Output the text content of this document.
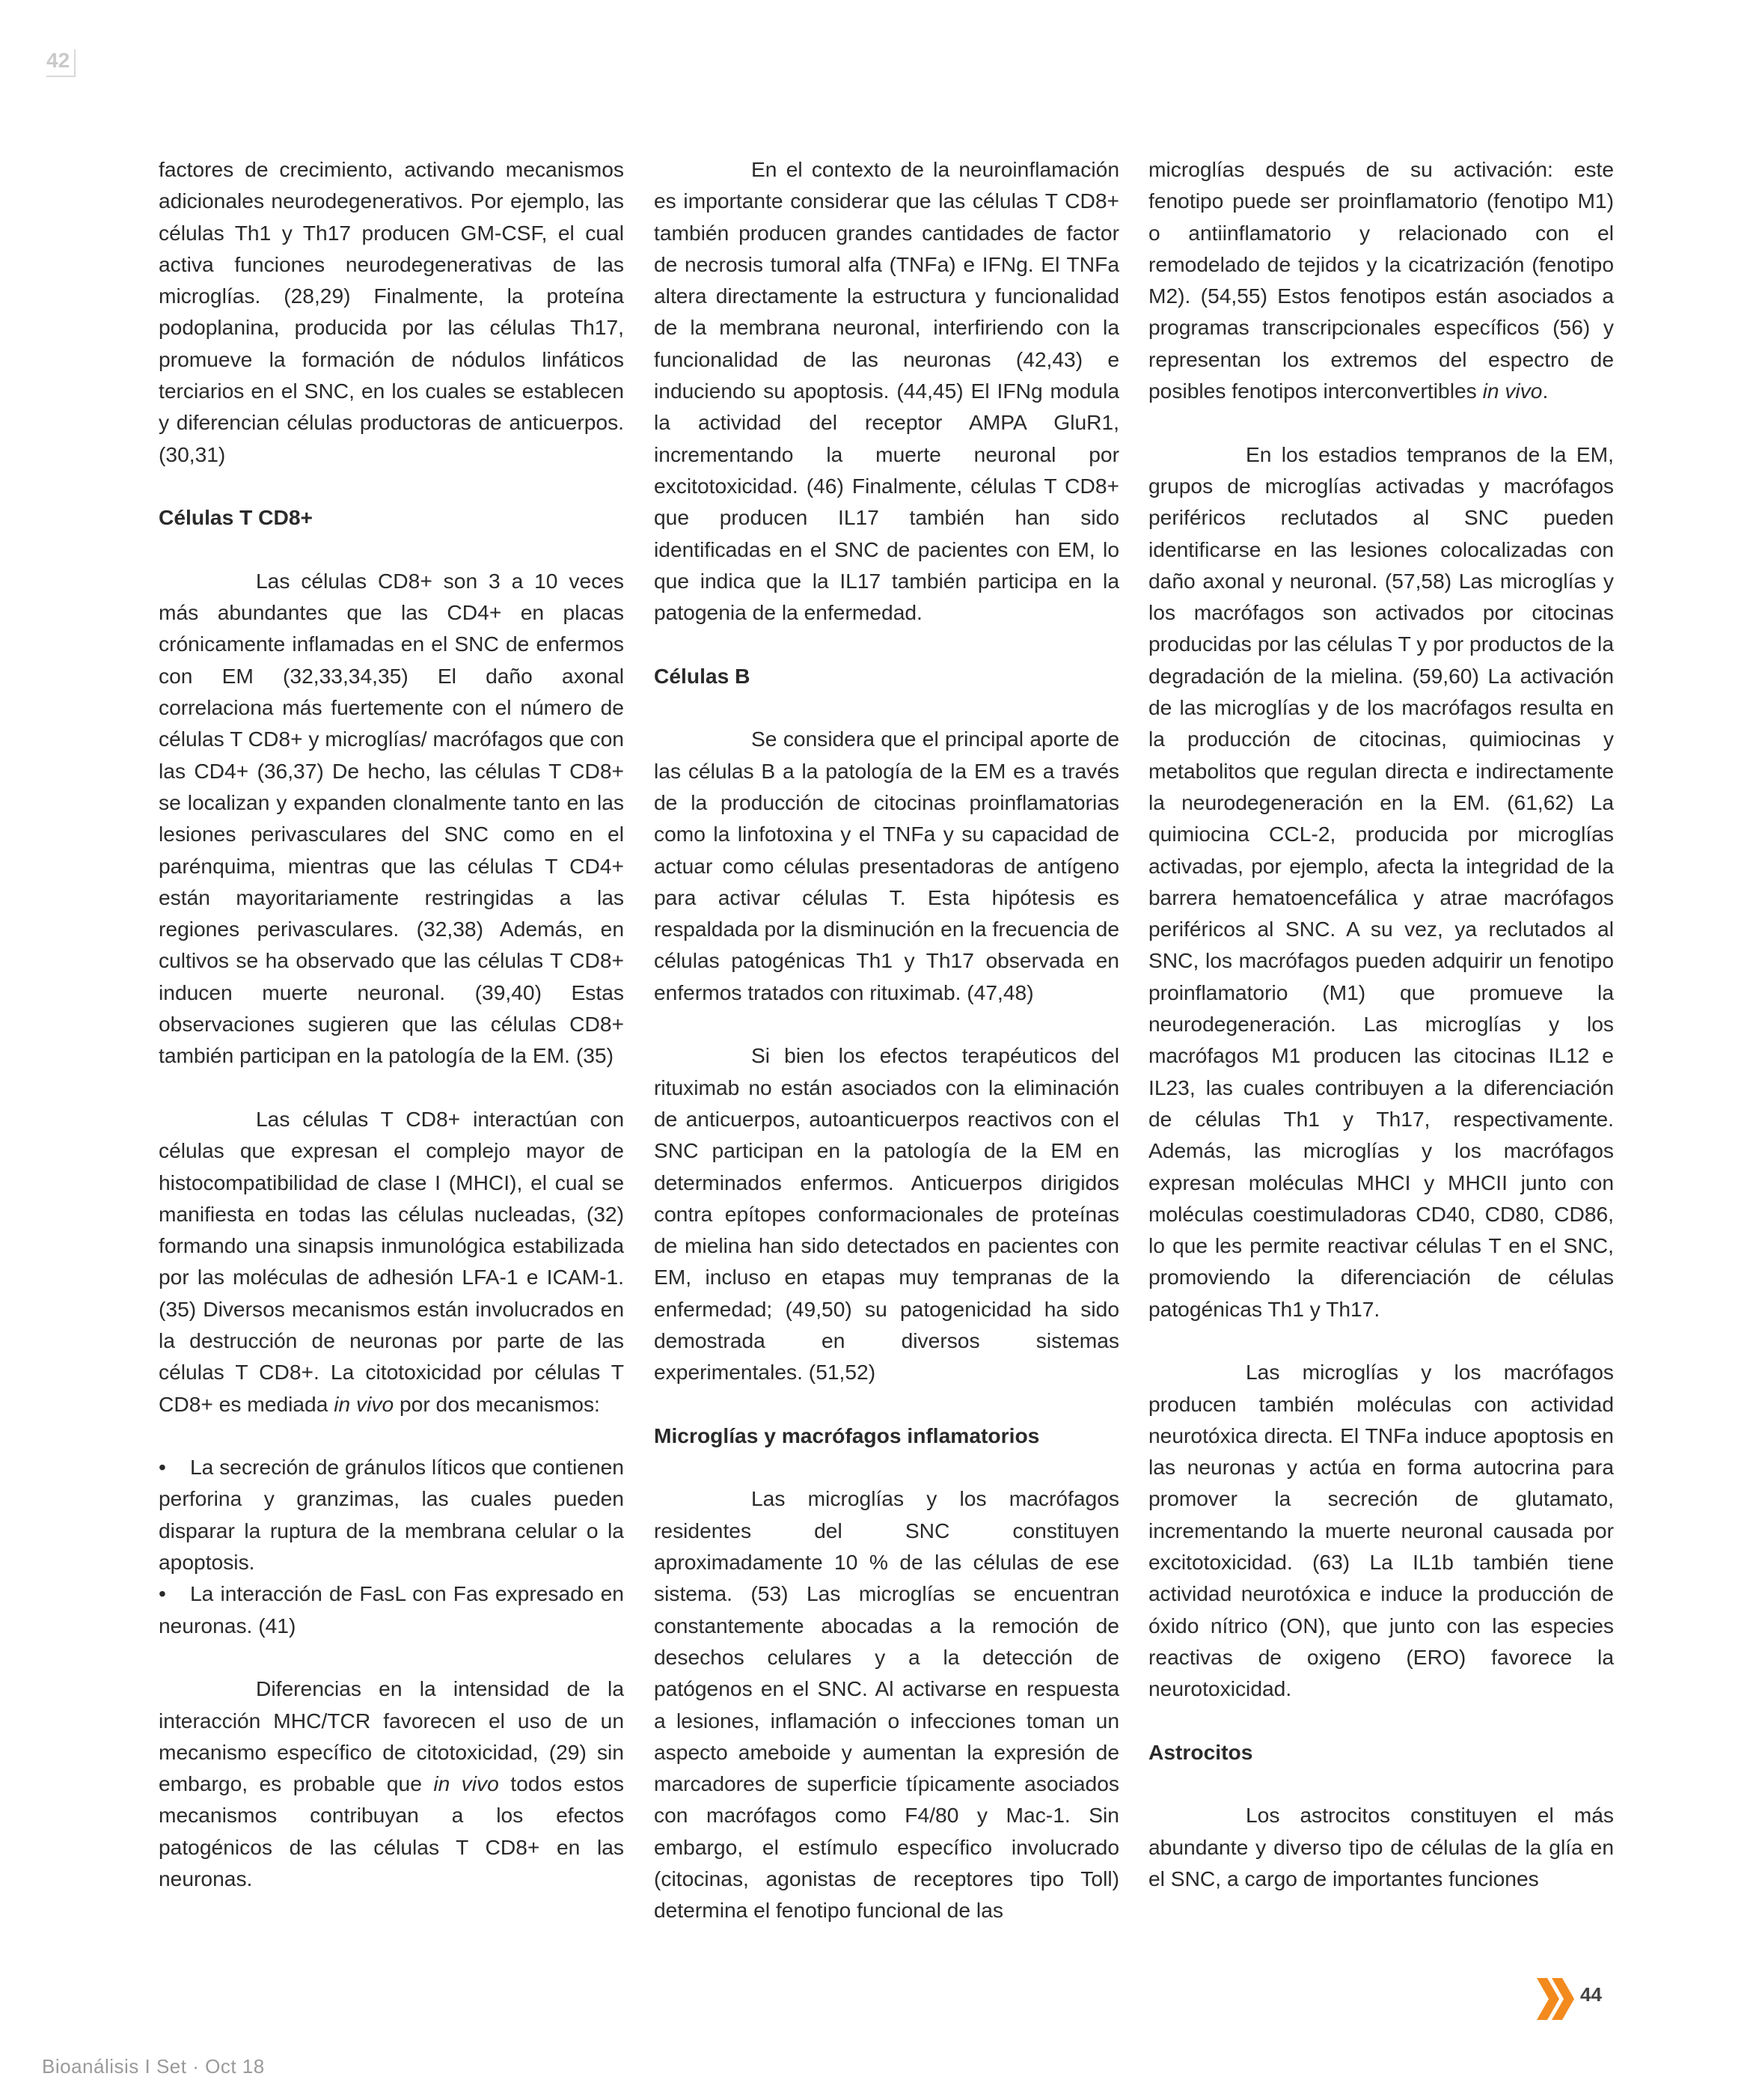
42

factores de crecimiento, activando mecanismos adicionales neurodegenerativos. Por ejemplo, las células Th1 y Th17 producen GM-CSF, el cual activa funciones neurodegenerativas de las microglías. (28,29) Finalmente, la proteína podoplanina, producida por las células Th17, promueve la formación de nódulos linfáticos terciarios en el SNC, en los cuales se establecen y diferencian células productoras de anticuerpos. (30,31)

Células T CD8+

Las células CD8+ son 3 a 10 veces más abundantes que las CD4+ en placas crónicamente inflamadas en el SNC de enfermos con EM (32,33,34,35) El daño axonal correlaciona más fuertemente con el número de células T CD8+ y microglías/ macrófagos que con las CD4+ (36,37) De hecho, las células T CD8+ se localizan y expanden clonalmente tanto en las lesiones perivasculares del SNC como en el parénquima, mientras que las células T CD4+ están mayoritariamente restringidas a las regiones perivasculares. (32,38) Además, en cultivos se ha observado que las células T CD8+ inducen muerte neuronal. (39,40) Estas observaciones sugieren que las células CD8+ también participan en la patología de la EM. (35)

Las células T CD8+ interactúan con células que expresan el complejo mayor de histocompatibilidad de clase I (MHCI), el cual se manifiesta en todas las células nucleadas, (32) formando una sinapsis inmunológica estabilizada por las moléculas de adhesión LFA-1 e ICAM-1. (35) Diversos mecanismos están involucrados en la destrucción de neuronas por parte de las células T CD8+. La citotoxicidad por células T CD8+ es mediada in vivo por dos mecanismos:

• La secreción de gránulos líticos que contienen perforina y granzimas, las cuales pueden disparar la ruptura de la membrana celular o la apoptosis.
• La interacción de FasL con Fas expresado en neuronas. (41)

Diferencias en la intensidad de la interacción MHC/TCR favorecen el uso de un mecanismo específico de citotoxicidad, (29) sin embargo, es probable que in vivo todos estos mecanismos contribuyan a los efectos patogénicos de las células T CD8+ en las neuronas.

En el contexto de la neuroinflamación es importante considerar que las células T CD8+ también producen grandes cantidades de factor de necrosis tumoral alfa (TNFa) e IFNg. El TNFa altera directamente la estructura y funcionalidad de la membrana neuronal, interfiriendo con la funcionalidad de las neuronas (42,43) e induciendo su apoptosis. (44,45) El IFNg modula la actividad del receptor AMPA GluR1, incrementando la muerte neuronal por excitotoxicidad. (46) Finalmente, células T CD8+ que producen IL17 también han sido identificadas en el SNC de pacientes con EM, lo que indica que la IL17 también participa en la patogenia de la enfermedad.

Células B

Se considera que el principal aporte de las células B a la patología de la EM es a través de la producción de citocinas proinflamatorias como la linfotoxina y el TNFa y su capacidad de actuar como células presentadoras de antígeno para activar células T. Esta hipótesis es respaldada por la disminución en la frecuencia de células patogénicas Th1 y Th17 observada en enfermos tratados con rituximab. (47,48)

Si bien los efectos terapéuticos del rituximab no están asociados con la eliminación de anticuerpos, autoanticuerpos reactivos con el SNC participan en la patología de la EM en determinados enfermos. Anticuerpos dirigidos contra epítopes conformacionales de proteínas de mielina han sido detectados en pacientes con EM, incluso en etapas muy tempranas de la enfermedad; (49,50) su patogenicidad ha sido demostrada en diversos sistemas experimentales. (51,52)

Microglías y macrófagos inflamatorios

Las microglías y los macrófagos residentes del SNC constituyen aproximadamente 10 % de las células de ese sistema. (53) Las microglías se encuentran constantemente abocadas a la remoción de desechos celulares y a la detección de patógenos en el SNC. Al activarse en respuesta a lesiones, inflamación o infecciones toman un aspecto ameboide y aumentan la expresión de marcadores de superficie típicamente asociados con macrófagos como F4/80 y Mac-1. Sin embargo, el estímulo específico involucrado (citocinas, agonistas de receptores tipo Toll) determina el fenotipo funcional de las

microglías después de su activación: este fenotipo puede ser proinflamatorio (fenotipo M1) o antiinflamatorio y relacionado con el remodelado de tejidos y la cicatrización (fenotipo M2). (54,55) Estos fenotipos están asociados a programas transcripcionales específicos (56) y representan los extremos del espectro de posibles fenotipos interconvertibles in vivo.

En los estadios tempranos de la EM, grupos de microglías activadas y macrófagos periféricos reclutados al SNC pueden identificarse en las lesiones colocalizadas con daño axonal y neuronal. (57,58) Las microglías y los macrófagos son activados por citocinas producidas por las células T y por productos de la degradación de la mielina. (59,60) La activación de las microglías y de los macrófagos resulta en la producción de citocinas, quimiocinas y metabolitos que regulan directa e indirectamente la neurodegeneración en la EM. (61,62) La quimiocina CCL-2, producida por microglías activadas, por ejemplo, afecta la integridad de la barrera hematoencefálica y atrae macrófagos periféricos al SNC. A su vez, ya reclutados al SNC, los macrófagos pueden adquirir un fenotipo proinflamatorio (M1) que promueve la neurodegeneración. Las microglías y los macrófagos M1 producen las citocinas IL12 e IL23, las cuales contribuyen a la diferenciación de células Th1 y Th17, respectivamente. Además, las microglías y los macrófagos expresan moléculas MHCI y MHCII junto con moléculas coestimuladoras CD40, CD80, CD86, lo que les permite reactivar células T en el SNC, promoviendo la diferenciación de células patogénicas Th1 y Th17.

Las microglías y los macrófagos producen también moléculas con actividad neurotóxica directa. El TNFa induce apoptosis en las neuronas y actúa en forma autocrina para promover la secreción de glutamato, incrementando la muerte neuronal causada por excitotoxicidad. (63) La IL1b también tiene actividad neurotóxica e induce la producción de óxido nítrico (ON), que junto con las especies reactivas de oxigeno (ERO) favorece la neurotoxicidad.

Astrocitos

Los astrocitos constituyen el más abundante y diverso tipo de células de la glía en el SNC, a cargo de importantes funciones

44
Bioanálisis I Set · Oct 18
